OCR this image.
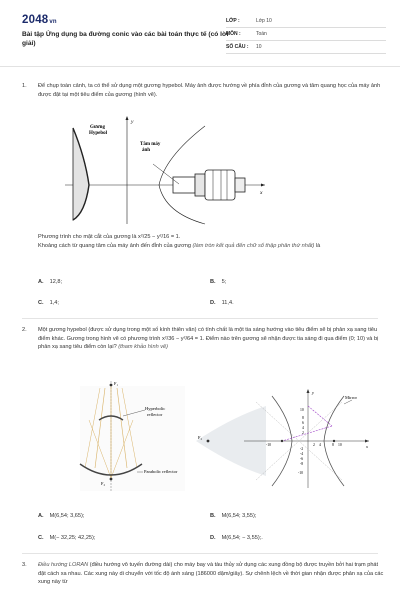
2048vn
Bài tập Ứng dụng ba đường conic vào các bài toán thực tế (có lời giải)
LỚP :	Lớp 10
MÔN :	Toán
SỐ CÂU :	10
1. Để chụp toàn cảnh, ta có thể sử dụng một gương hypebol. Máy ảnh được hướng về phía đỉnh của gương và tâm quang học của máy ảnh được đặt tại một tiêu điểm của gương (hình vẽ).
Gương
Hypebol
Tâm máy
ảnh
y
x
Phương trình cho mặt cắt của gương là x²/25 − y²/16 = 1.
Khoảng cách từ quang tâm của máy ảnh đến đỉnh của gương (làm tròn kết quả đến chữ số thập phân thứ nhất) là
A. 12,8;	B. 5;
C. 1,4;	D. 11,4.
2. Một gương hypebol (được sử dụng trong một số kính thiên văn) có tính chất là một tia sáng hướng vào tiêu điểm sẽ bị phản xạ sang tiêu điểm khác. Gương trong hình vẽ có phương trình x²/36 − y²/64 = 1. Điểm nào trên gương sẽ nhận được tia sáng đi qua điểm (0; 10) và bị phản xạ sang tiêu điểm còn lại? (tham khảo hình vẽ)
F₁
F₂
Hyperbolic
reflector
Parabolic reflector
F₂
Mirror
y
x
10
8
6
4
2
-2
-4
-6
-8
-10
-10	2 4	8 10
A. M(6,54; 3,65);	B. M(6,54; 3,55);
C. M(− 32,25; 42,25);	D. M(6,54; − 3,55);.
3. Điều hướng LORAN (điều hướng vô tuyến đường dài) cho máy bay và tàu thủy sử dụng các xung đồng bộ được truyền bởi hai trạm phát đặt cách xa nhau. Các xung này di chuyển với tốc độ ánh sáng (186000 dặm/giây). Sự chênh lệch về thời gian nhận được phản xạ của các xung này từ
